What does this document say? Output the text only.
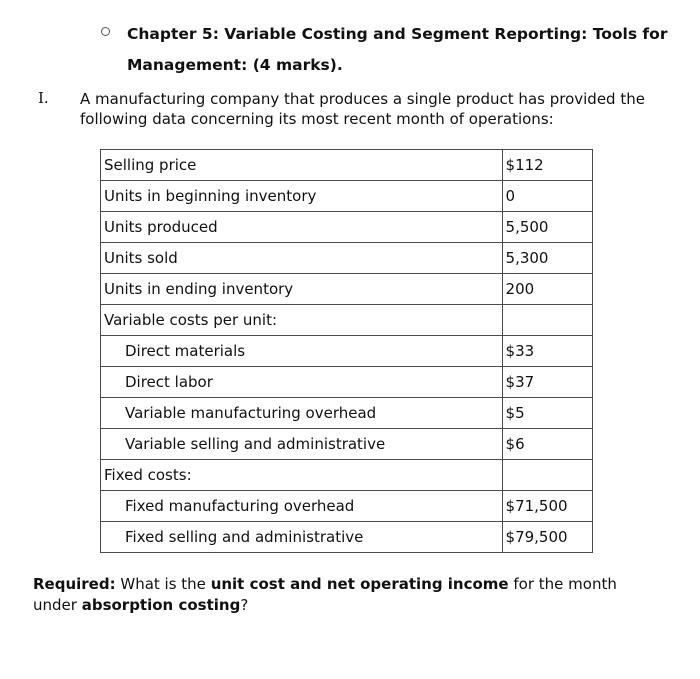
Chapter 5: Variable Costing and Segment Reporting: Tools for Management: (4 marks).
I. A manufacturing company that produces a single product has provided the following data concerning its most recent month of operations:
Selling price	$112
Units in beginning inventory	0
Units produced	5,500
Units sold	5,300
Units in ending inventory	200
Variable costs per unit:	
Direct materials	$33
Direct labor	$37
Variable manufacturing overhead	$5
Variable selling and administrative	$6
Fixed costs:	
Fixed manufacturing overhead	$71,500
Fixed selling and administrative	$79,500
Required: What is the unit cost and net operating income for the month under absorption costing?
